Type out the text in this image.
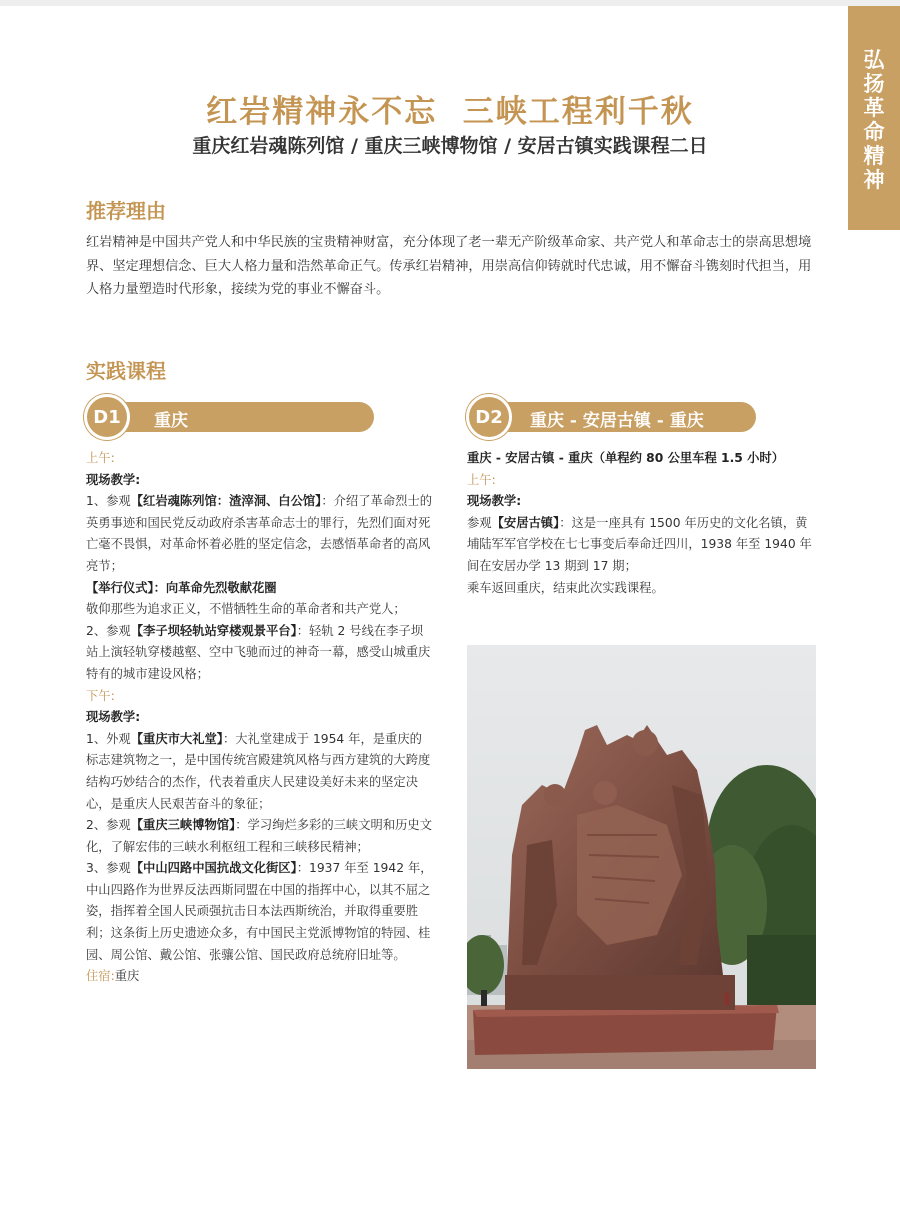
弘
扬
革
命
精
神
红岩精神永不忘  三峡工程利千秋
重庆红岩魂陈列馆 / 重庆三峡博物馆 / 安居古镇实践课程二日
推荐理由
红岩精神是中国共产党人和中华民族的宝贵精神财富，充分体现了老一辈无产阶级革命家、共产党人和革命志士的崇高思想境界、坚定理想信念、巨大人格力量和浩然革命正气。传承红岩精神，用崇高信仰铸就时代忠诚，用不懈奋斗镌刻时代担当，用人格力量塑造时代形象，接续为党的事业不懈奋斗。
实践课程
D1	重庆	D2	重庆 - 安居古镇 - 重庆

上午:

现场教学:

1、参观【红岩魂陈列馆：渣滓洞、白公馆】：介绍了革命烈士的英勇事迹和国民党反动政府杀害革命志士的罪行，先烈们面对死亡毫不畏惧，对革命怀着必胜的坚定信念，去感悟革命者的高风亮节；

【举行仪式】：向革命先烈敬献花圈

敬仰那些为追求正义，不惜牺牲生命的革命者和共产党人；

2、参观【李子坝轻轨站穿楼观景平台】：轻轨 2 号线在李子坝站上演轻轨穿楼越壑、空中飞驰而过的神奇一幕，感受山城重庆特有的城市建设风格；

下午:

现场教学:

1、外观【重庆市大礼堂】：大礼堂建成于 1954 年，是重庆的标志建筑物之一，是中国传统宫殿建筑风格与西方建筑的大跨度结构巧妙结合的杰作，代表着重庆人民建设美好未来的坚定决心，是重庆人民艰苦奋斗的象征；

2、参观【重庆三峡博物馆】：学习绚烂多彩的三峡文明和历史文化，了解宏伟的三峡水利枢纽工程和三峡移民精神；

3、参观【中山四路中国抗战文化街区】：1937 年至 1942 年，中山四路作为世界反法西斯同盟在中国的指挥中心，以其不屈之姿，指挥着全国人民顽强抗击日本法西斯统治，并取得重要胜利；这条街上历史遗迹众多，有中国民主党派博物馆的特园、桂园、周公馆、戴公馆、张骧公馆、国民政府总统府旧址等。

住宿:重庆

重庆 - 安居古镇 - 重庆（单程约 80 公里车程 1.5 小时）

上午:

现场教学:

参观【安居古镇】：这是一座具有 1500 年历史的文化名镇，黄埔陆军军官学校在七七事变后奉命迁四川，1938 年至 1940 年间在安居办学 13 期到 17 期；

乘车返回重庆，结束此次实践课程。
